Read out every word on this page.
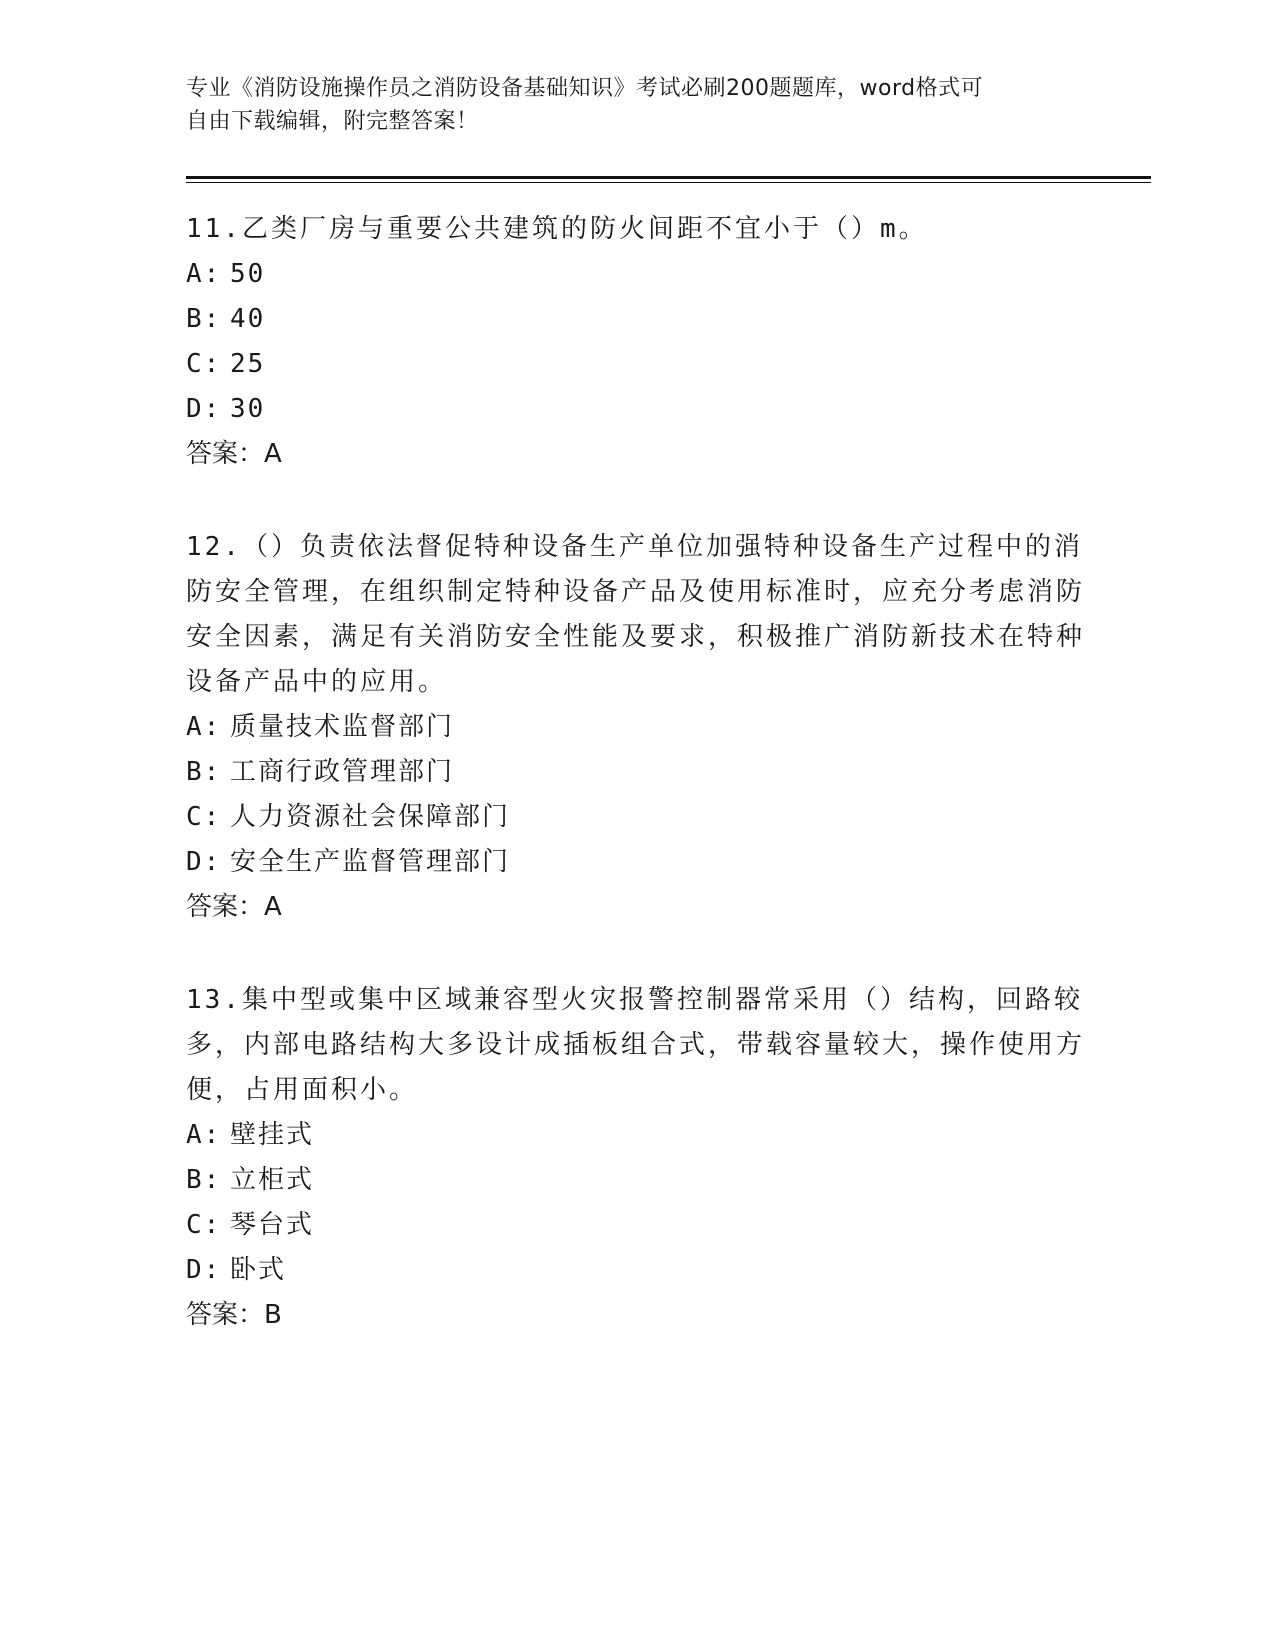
专业《消防设施操作员之消防设备基础知识》考试必刷200题题库，word格式可
自由下载编辑，附完整答案！

11.乙类厂房与重要公共建筑的防火间距不宜小于（）m。

A: 50

B: 40

C: 25

D: 30

答案：A

12.（）负责依法督促特种设备生产单位加强特种设备生产过程中的消防安全管理，在组织制定特种设备产品及使用标准时，应充分考虑消防安全因素，满足有关消防安全性能及要求，积极推广消防新技术在特种设备产品中的应用。

A: 质量技术监督部门

B: 工商行政管理部门

C: 人力资源社会保障部门

D: 安全生产监督管理部门

答案：A

13.集中型或集中区域兼容型火灾报警控制器常采用（）结构，回路较多，内部电路结构大多设计成插板组合式，带载容量较大，操作使用方便，占用面积小。

A: 壁挂式

B: 立柜式

C: 琴台式

D: 卧式

答案：B
